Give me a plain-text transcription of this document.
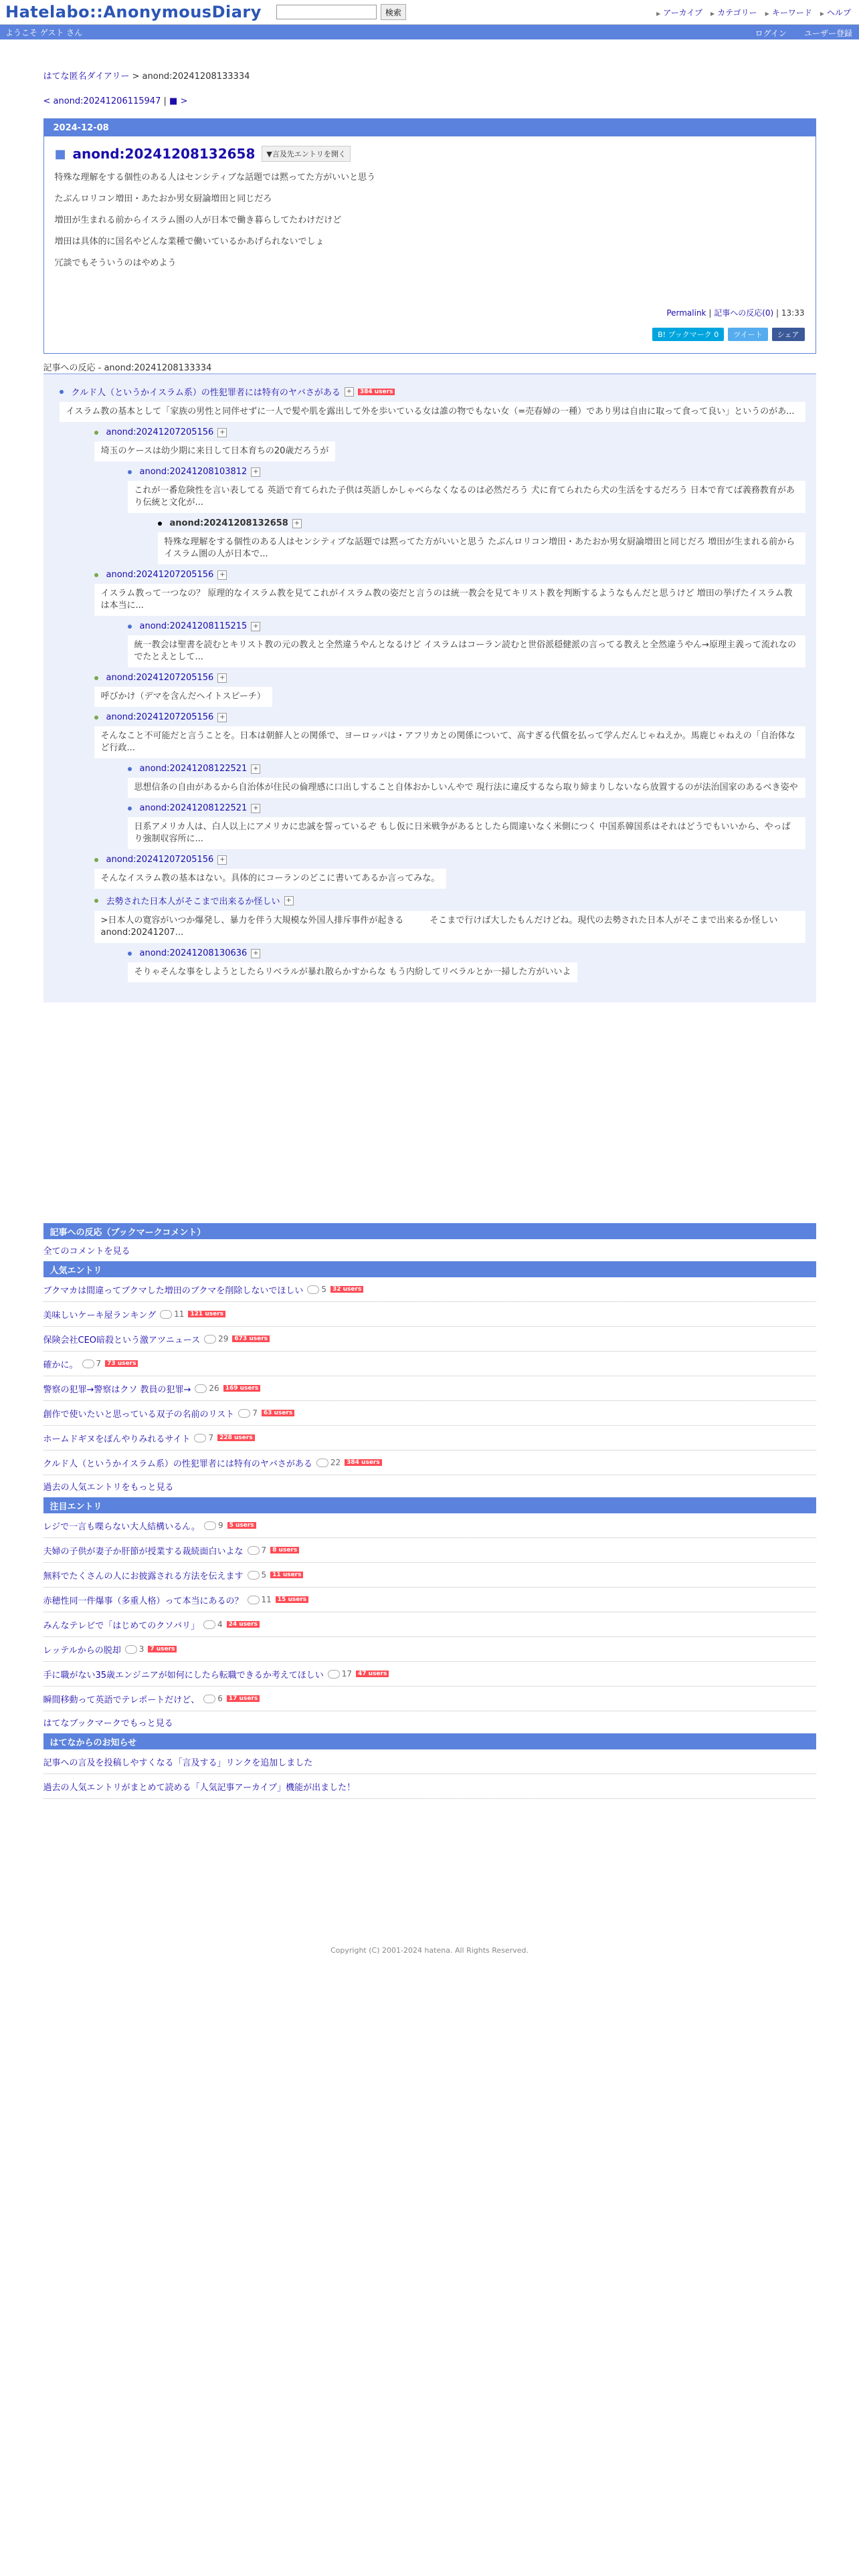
Hatelabo::AnonymousDiary	検索	▶ アーカイブ	▶ カテゴリー	▶ キーワード	▶ ヘルプ
ようこそ ゲスト さん	ログイン ユーザー登録
はてな匿名ダイアリー > anond:20241208133334
< anond:20241206115947 | ■ >
2024-12-08
■ anond:20241208132658	▼言及先エントリを開く

特殊な理解をする個性のある人はセンシティブな話題では黙ってた方がいいと思う

たぶんロリコン増田・あたおか男女厨論増田と同じだろ

増田が生まれる前からイスラム圏の人が日本で働き暮らしてたわけだけど

増田は具体的に国名やどんな業種で働いているかあげられないでしょ

冗談でもそういうのはやめよう

Permalink | 記事への反応(0) | 13:33
B! ブックマーク 0	ツイート	シェア
記事への反応 - anond:20241208133334
クルド人（というかイスラム系）の性犯罪者には特有のヤバさがある +	384 users
イスラム教の基本として「家族の男性と同伴せずに一人で髪や肌を露出して外を歩いている女は誰の物でもない女（=売春婦の一種）であり男は自由に取って食って良い」というのがあ...
anond:20241207205156 +
埼玉のケースは幼少期に来日して日本育ちの20歳だろうが
anond:20241208103812 +
これが一番危険性を言い表してる 英語で育てられた子供は英語しかしゃべらなくなるのは必然だろう 犬に育てられたら犬の生活をするだろう 日本で育てば義務教育があり伝統と文化が...
anond:20241208132658 +
特殊な理解をする個性のある人はセンシティブな話題では黙ってた方がいいと思う たぶんロリコン増田・あたおか男女厨論増田と同じだろ 増田が生まれる前からイスラム圏の人が日本で...
anond:20241207205156 +
イスラム教って一つなの？ 原理的なイスラム教を見てこれがイスラム教の姿だと言うのは統一教会を見てキリスト教を判断するようなもんだと思うけど 増田の挙げたイスラム教は本当に...
anond:20241208115215 +
統一教会は聖書を読むとキリスト教の元の教えと全然違うやんとなるけど イスラムはコーラン読むと世俗派穏健派の言ってる教えと全然違うやん→原理主義って流れなのでたとえとして...
anond:20241207205156 +
呼びかけ（デマを含んだヘイトスピーチ）
anond:20241207205156 +
そんなこと不可能だと言うことを。日本は朝鮮人との関係で、ヨーロッパは・アフリカとの関係について、高すぎる代償を払って学んだんじゃねえか。馬鹿じゃねえの「自治体など行政...
anond:20241208122521 +
思想信条の自由があるから自治体が住民の倫理感に口出しすること自体おかしいんやで 現行法に違反するなら取り締まりしないなら放置するのが法治国家のあるべき姿や
anond:20241208122521 +
日系アメリカ人は、白人以上にアメリカに忠誠を誓っているぞ もし仮に日米戦争があるとしたら間違いなく米側につく 中国系韓国系はそれはどうでもいいから、やっぱり強制収容所に...
anond:20241207205156 +
そんなイスラム教の基本はない。具体的にコーランのどこに書いてあるか言ってみな。
去勢された日本人がそこまで出来るか怪しい +
>日本人の寛容がいつか爆発し、暴力を伴う大規模な外国人排斥事件が起きる　　　そこまで行けば大したもんだけどね。現代の去勢された日本人がそこまで出来るか怪しい　anond:20241207...
anond:20241208130636 +
そりゃそんな事をしようとしたらリベラルが暴れ散らかすからな もう内紛してリベラルとか一掃した方がいいよ
記事への反応（ブックマークコメント）
全てのコメントを見る
人気エントリ
ブクマカは間違ってブクマした増田のブクマを削除しないでほしい 5	32 users
美味しいケーキ屋ランキング 11	121 users
保険会社CEO暗殺という激アツニュース 29	673 users
確かに。 7	73 users
警察の犯罪→警察はクソ 教員の犯罪→ 26	169 users
創作で使いたいと思っている双子の名前のリスト 7	63 users
ホームドギヌをぽんやりみれるサイト 7	228 users
クルド人（というかイスラム系）の性犯罪者には特有のヤバさがある 22	384 users
過去の人気エントリをもっと見る
注目エントリ
レジで一言も喋らない大人結構いるん。 9	5 users
夫婦の子供が妻子か肝節が授業する裁続面白いよな 7	8 users
無料でたくさんの人にお披露される方法を伝えます 5	11 users
赤穂性同一件爆事（多重人格）って本当にあるの？ 11	15 users
みんなテレビで「はじめてのクソバリ」 4	24 users
レッテルからの脱却 3	7 users
手に職がない35歳エンジニアが如何にしたら転職できるか考えてほしい 17	47 users
瞬間移動って英語でテレポートだけど、 6	17 users
はてなブックマークでもっと見る
はてなからのお知らせ
記事への言及を投稿しやすくなる「言及する」リンクを追加しました
過去の人気エントリがまとめて読める「人気記事アーカイブ」機能が出ました！
Copyright (C) 2001-2024 hatena. All Rights Reserved.
